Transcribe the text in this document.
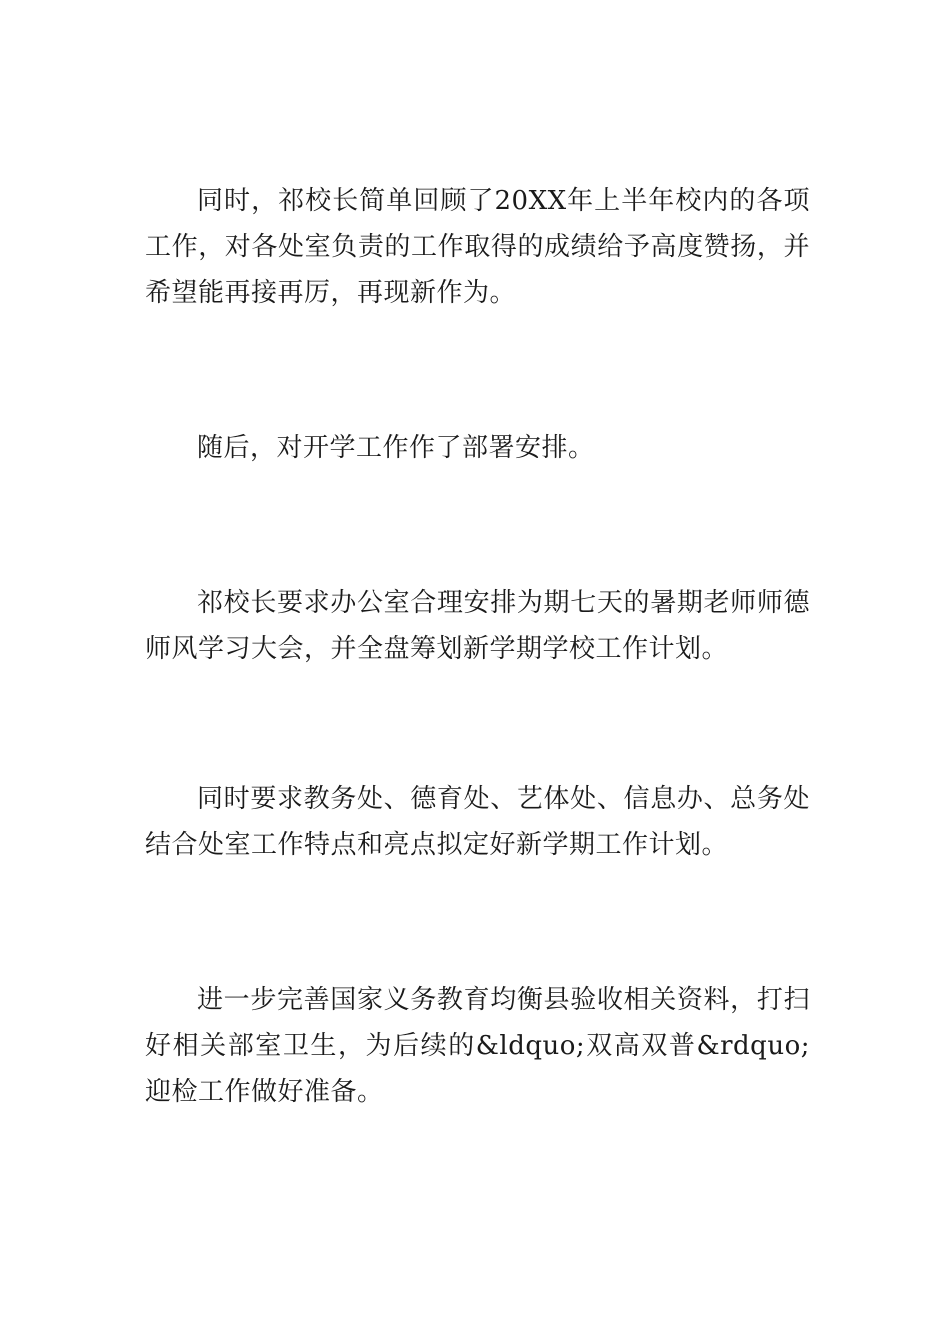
同时，祁校长简单回顾了20XX年上半年校内的各项工作，对各处室负责的工作取得的成绩给予高度赞扬，并希望能再接再厉，再现新作为。

随后，对开学工作作了部署安排。

祁校长要求办公室合理安排为期七天的暑期老师师德师风学习大会，并全盘筹划新学期学校工作计划。

同时要求教务处、德育处、艺体处、信息办、总务处结合处室工作特点和亮点拟定好新学期工作计划。

进一步完善国家义务教育均衡县验收相关资料，打扫好相关部室卫生，为后续的&ldquo;双高双普&rdquo;迎检工作做好准备。
